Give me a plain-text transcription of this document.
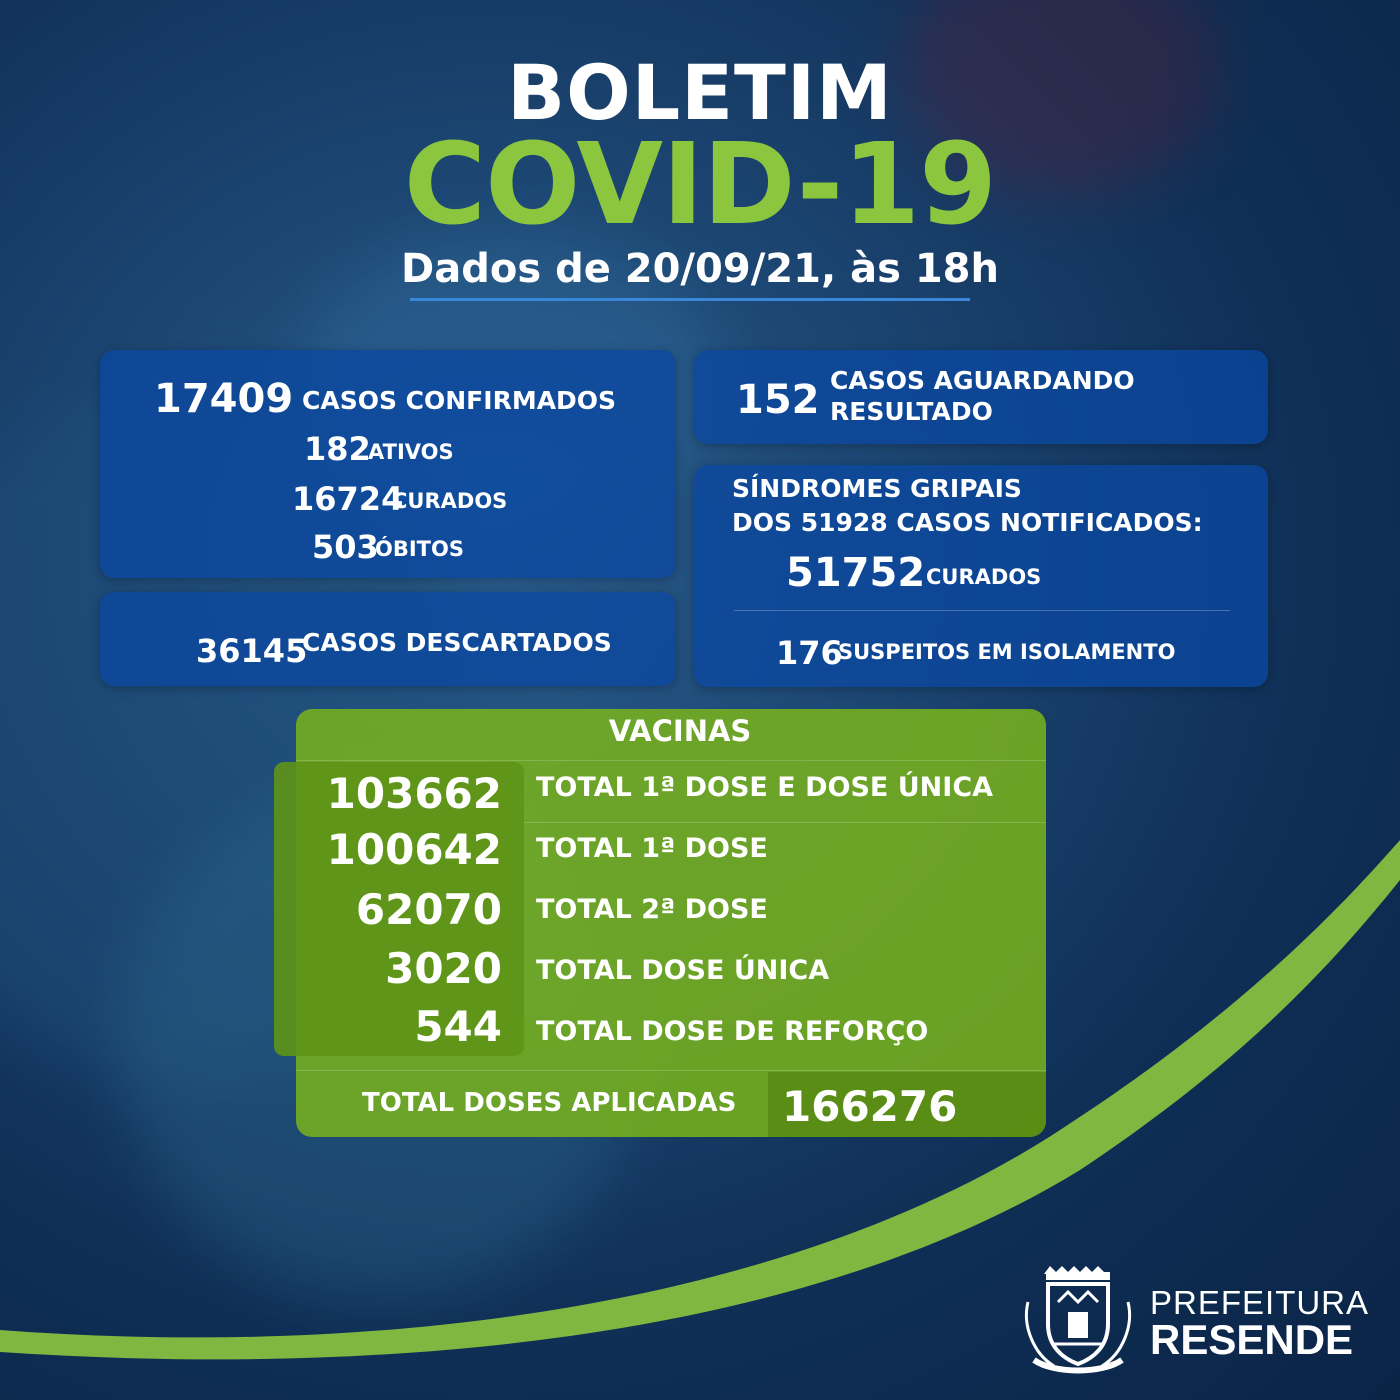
BOLETIM
COVID-19
Dados de 20/09/21, às 18h
17409 CASOS CONFIRMADOS
182
ATIVOS
16724
CURADOS
503
ÓBITOS
36145
CASOS DESCARTADOS
152 CASOS AGUARDANDO
RESULTADO
SÍNDROMES GRIPAIS
DOS 51928 CASOS NOTIFICADOS:
51752 CURADOS
176
SUSPEITOS EM ISOLAMENTO
VACINAS
103662 TOTAL 1ª DOSE E DOSE ÚNICA
100642 TOTAL 1ª DOSE
62070 TOTAL 2ª DOSE
3020 TOTAL DOSE ÚNICA
544 TOTAL DOSE DE REFORÇO
TOTAL DOSES APLICADAS 166276
PREFEITURA
RESENDE
